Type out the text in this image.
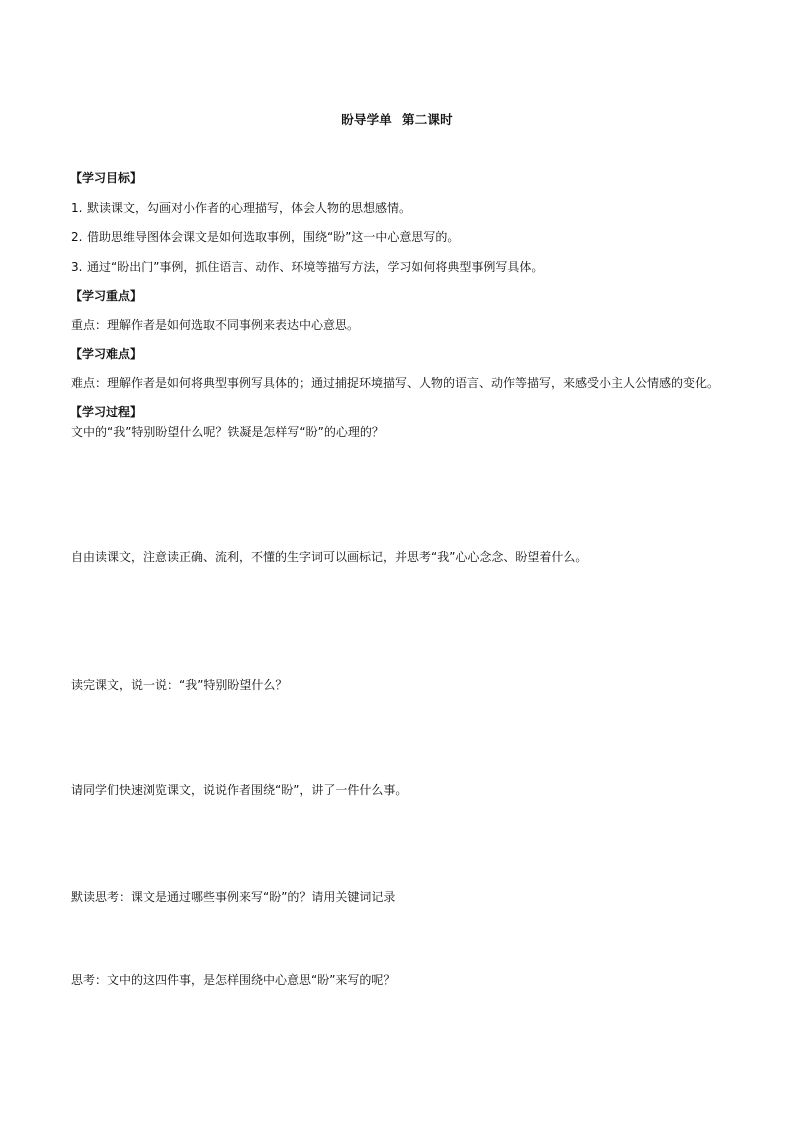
盼导学单 第二课时
【学习目标】
1. 默读课文，勾画对小作者的心理描写，体会人物的思想感情。
2. 借助思维导图体会课文是如何选取事例，围绕“盼”这一中心意思写的。
3. 通过“盼出门”事例，抓住语言、动作、环境等描写方法，学习如何将典型事例写具体。
【学习重点】
重点：理解作者是如何选取不同事例来表达中心意思。
【学习难点】
难点：理解作者是如何将典型事例写具体的；通过捕捉环境描写、人物的语言、动作等描写，来感受小主人公情感的变化。
【学习过程】
文中的“我”特别盼望什么呢？铁凝是怎样写“盼”的心理的？
自由读课文，注意读正确、流利，不懂的生字词可以画标记，并思考“我”心心念念、盼望着什么。
读完课文，说一说：“我”特别盼望什么？
请同学们快速浏览课文，说说作者围绕“盼”，讲了一件什么事。
默读思考：课文是通过哪些事例来写“盼”的？请用关键词记录
思考：文中的这四件事，是怎样围绕中心意思“盼”来写的呢？
